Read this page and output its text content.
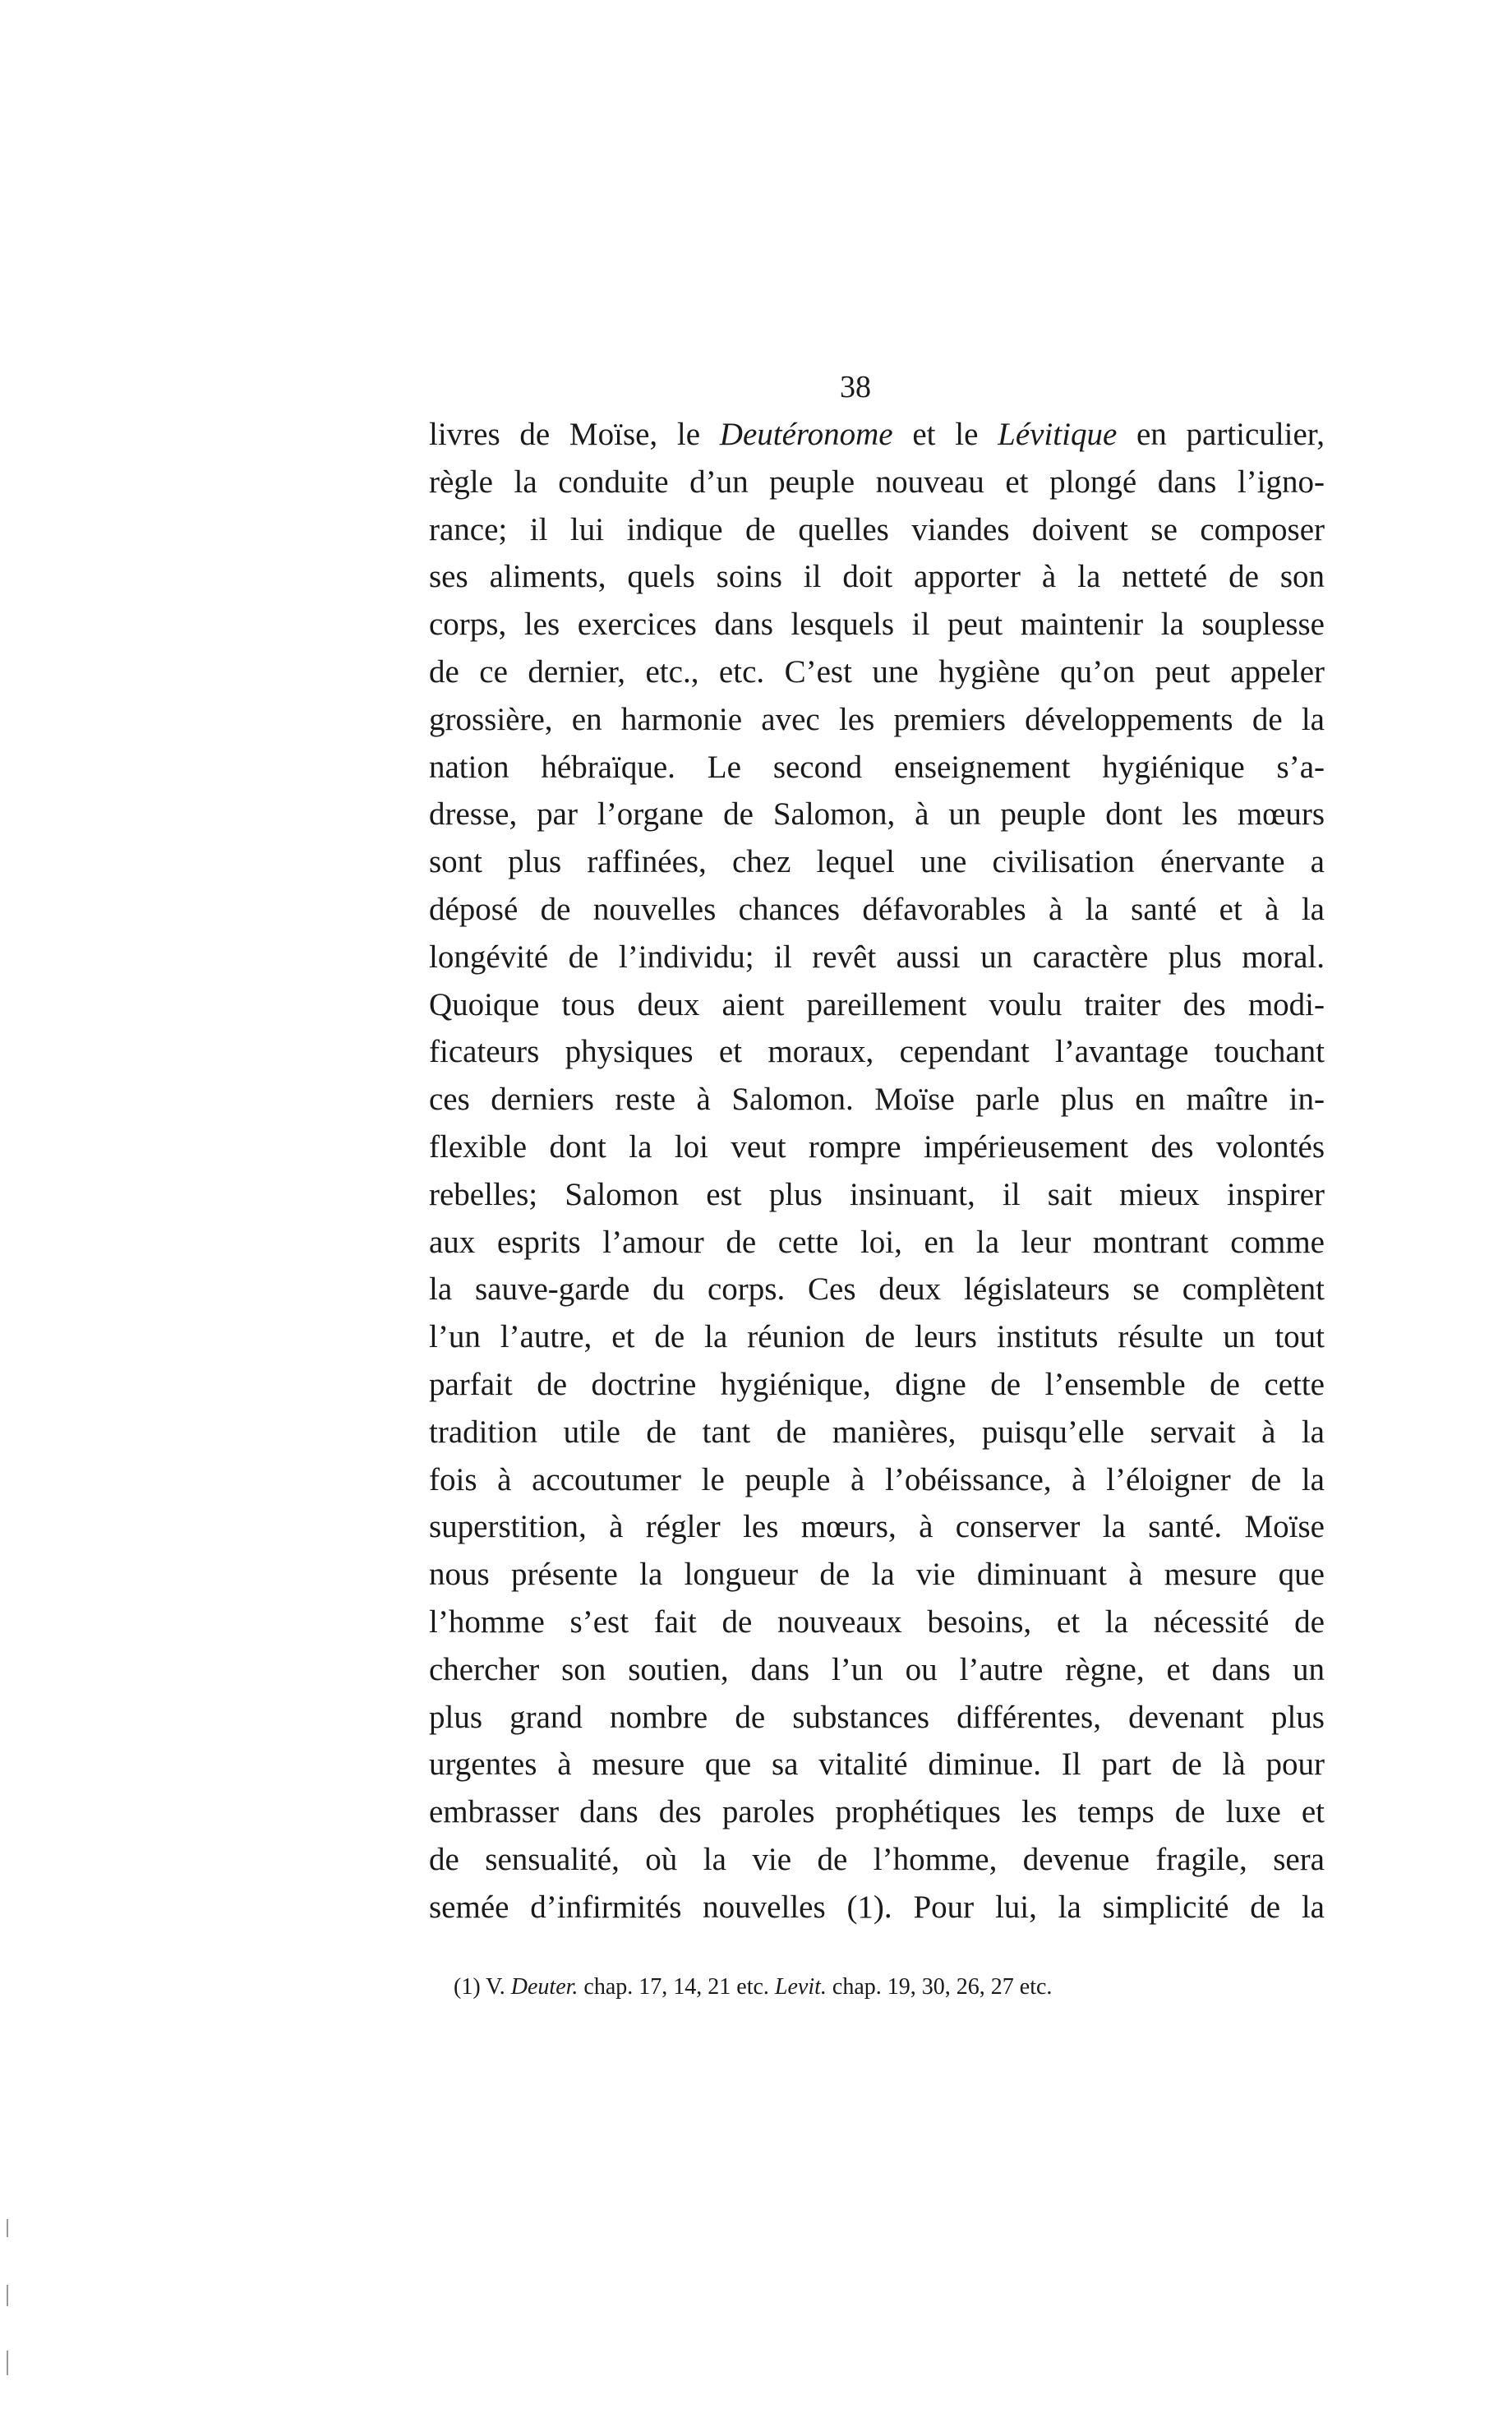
38
livres de Moïse, le Deutéronome et le Lévitique en particulier,
règle la conduite d’un peuple nouveau et plongé dans l’igno-
rance; il lui indique de quelles viandes doivent se composer
ses aliments, quels soins il doit apporter à la netteté de son
corps, les exercices dans lesquels il peut maintenir la souplesse
de ce dernier, etc., etc. C’est une hygiène qu’on peut appeler
grossière, en harmonie avec les premiers développements de la
nation hébraïque. Le second enseignement hygiénique s’a-
dresse, par l’organe de Salomon, à un peuple dont les mœurs
sont plus raffinées, chez lequel une civilisation énervante a
déposé de nouvelles chances défavorables à la santé et à la
longévité de l’individu; il revêt aussi un caractère plus moral.
Quoique tous deux aient pareillement voulu traiter des modi-
ficateurs physiques et moraux, cependant l’avantage touchant
ces derniers reste à Salomon. Moïse parle plus en maître in-
flexible dont la loi veut rompre impérieusement des volontés
rebelles; Salomon est plus insinuant, il sait mieux inspirer
aux esprits l’amour de cette loi, en la leur montrant comme
la sauve-garde du corps. Ces deux législateurs se complètent
l’un l’autre, et de la réunion de leurs instituts résulte un tout
parfait de doctrine hygiénique, digne de l’ensemble de cette
tradition utile de tant de manières, puisqu’elle servait à la
fois à accoutumer le peuple à l’obéissance, à l’éloigner de la
superstition, à régler les mœurs, à conserver la santé. Moïse
nous présente la longueur de la vie diminuant à mesure que
l’homme s’est fait de nouveaux besoins, et la nécessité de
chercher son soutien, dans l’un ou l’autre règne, et dans un
plus grand nombre de substances différentes, devenant plus
urgentes à mesure que sa vitalité diminue. Il part de là pour
embrasser dans des paroles prophétiques les temps de luxe et
de sensualité, où la vie de l’homme, devenue fragile, sera
semée d’infirmités nouvelles (1). Pour lui, la simplicité de la
(1) V. Deuter. chap. 17, 14, 21 etc. Levit. chap. 19, 30, 26, 27 etc.
